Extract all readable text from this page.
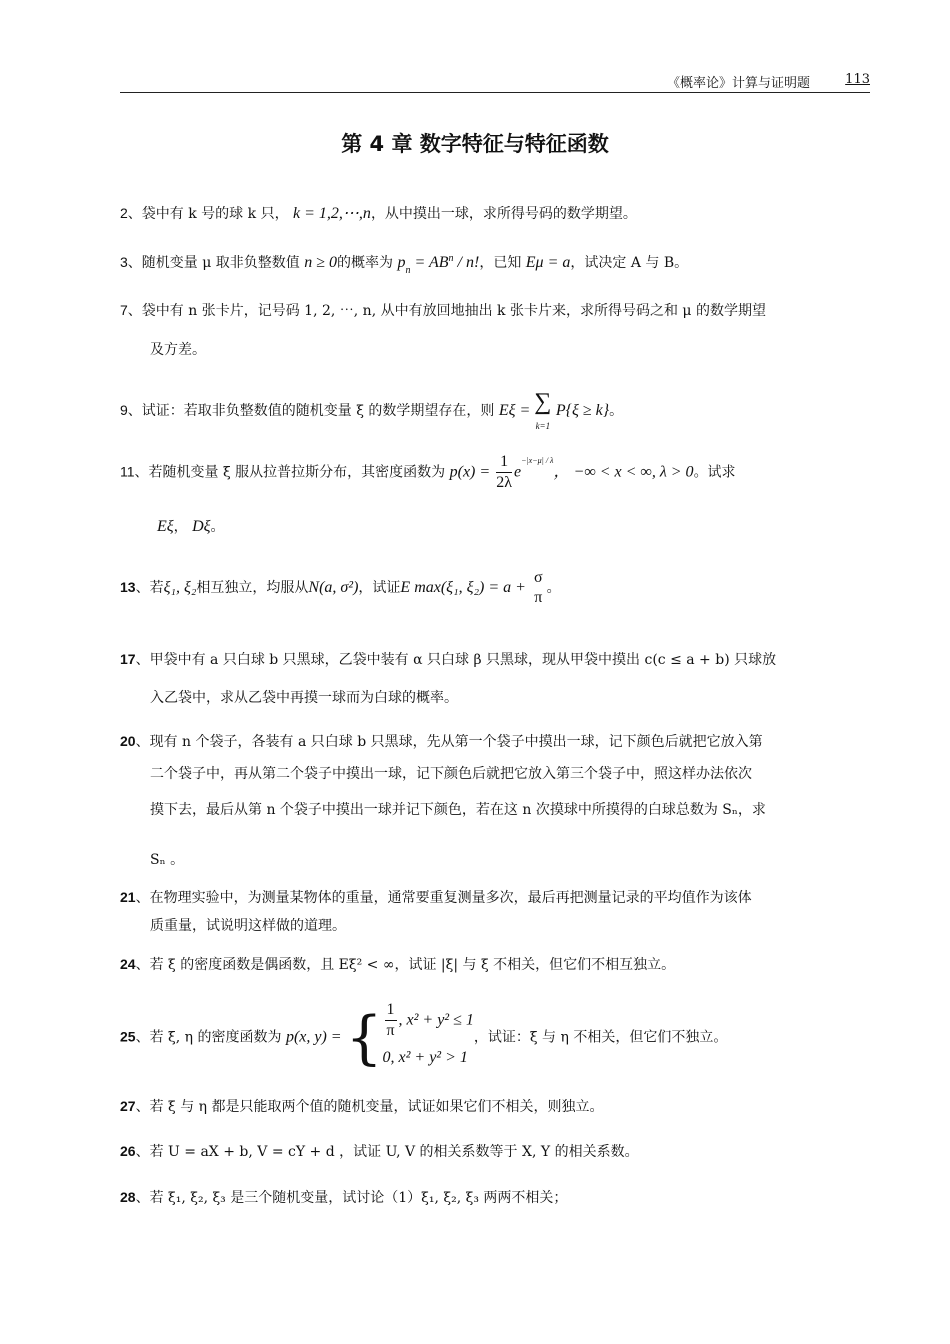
《概率论》计算与证明题	113
第 4 章 数字特征与特征函数
2、袋中有 k 号的球 k 只， k = 1,2,⋯,n，从中摸出一球，求所得号码的数学期望。
3、随机变量 μ 取非负整数值 n ≥ 0的概率为 $p_n = AB^n / n$!，已知 Eμ = a，试决定 A 与 B。
7、袋中有 n 张卡片，记号码 1, 2, ⋯, n, 从中有放回地抽出 k 张卡片来，求所得号码之和 μ 的数学期望
及方差。
9、试证：若取非负整数值的随机变量 ξ 的数学期望存在，则 Eξ = ∑
k=1
P{ξ ≥ k}。
11、若随机变量 ξ 服从拉普拉斯分布，其密度函数为 $p(x) = \frac{1}{2\lambda} e^{-|x-\mu| / \lambda}$， −∞ < x < ∞, λ > 0。试求
Eξ， Dξ。
13、若ξ₁, ξ₂相互独立，均服从N(a, σ²)，试证E max(ξ₁, ξ₂) = a +
σ
π
。
17、甲袋中有 a 只白球 b 只黑球，乙袋中装有 α 只白球 β 只黑球，现从甲袋中摸出 c(c ≤ a + b) 只球放
入乙袋中，求从乙袋中再摸一球而为白球的概率。
20、现有 n 个袋子，各装有 a 只白球 b 只黑球，先从第一个袋子中摸出一球，记下颜色后就把它放入第
二个袋子中，再从第二个袋子中摸出一球，记下颜色后就把它放入第三个袋子中，照这样办法依次
摸下去，最后从第 n 个袋子中摸出一球并记下颜色，若在这 n 次摸球中所摸得的白球总数为 Sₙ，求
Sₙ 。
21、在物理实验中，为测量某物体的重量，通常要重复测量多次，最后再把测量记录的平均值作为该体
质重量，试说明这样做的道理。
24、若 ξ 的密度函数是偶函数，且 Eξ² < ∞，试证 |ξ| 与 ξ 不相关，但它们不相互独立。
25、若 ξ, η 的密度函数为 p(x, y) = { $\frac{1}{\pi}$ , x² + y² ≤ 1
0, x² + y² > 1
，试证：ξ 与 η 不相关，但它们不独立。
27、若 ξ 与 η 都是只能取两个值的随机变量，试证如果它们不相关，则独立。
26、若 U = aX + b, V = cY + d ，试证 U, V 的相关系数等于 X, Y 的相关系数。
28、若 ξ₁, ξ₂, ξ₃ 是三个随机变量，试讨论（1）ξ₁, ξ₂, ξ₃ 两两不相关；
